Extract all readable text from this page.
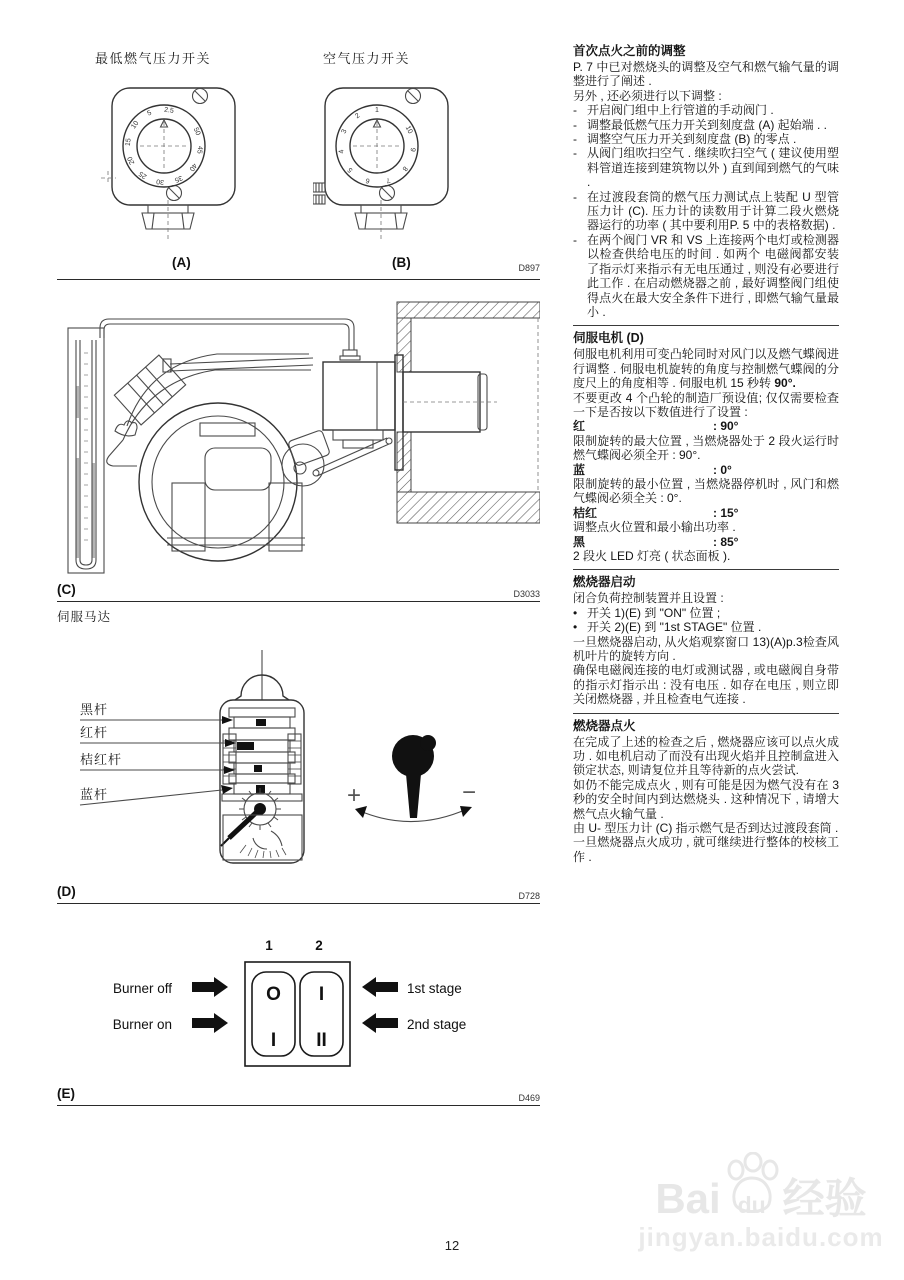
最低燃气压力开关	空气压力开关
2.5
5
10
15
20
25
30 35
40
45
50
1
2
3
4
5
6 7
8
9
10
(A)	(B)	D897
(C)	D3033
伺服马达
黑杆
红杆
桔红杆
蓝杆	+	−
(D)	D728
1	2
O
I
I
II
Burner off
Burner on
1st stage
2nd stage
(E)	D469
首次点火之前的调整

P. 7 中已对燃烧头的调整及空气和燃气输气量的调整进行了阐述 .

另外 , 还必须进行以下调整 :

- 开启阀门组中上行管道的手动阀门 .
- 调整最低燃气压力开关到刻度盘 (A) 起始端 . .
- 调整空气压力开关到刻度盘 (B) 的零点 .
- 从阀门组吹扫空气 . 继续吹扫空气 ( 建议使用塑料管道连接到建筑物以外 ) 直到闻到燃气的气味 .
- 在过渡段套筒的燃气压力测试点上装配 U 型管压力计 (C). 压力计的读数用于计算二段火燃烧器运行的功率 ( 其中要利用P. 5 中的表格数据) .
- 在两个阀门 VR 和 VS 上连接两个电灯或检测器以检查供给电压的时间 . 如两个 电磁阀都安装了指示灯来指示有无电压通过 , 则没有必要进行此工作 . 在启动燃烧器之前 , 最好调整阀门组使得点火在最大安全条件下进行 , 即燃气输气量最小 .
伺服电机 (D)

伺服电机利用可变凸轮同时对风门以及燃气蝶阀进行调整 . 伺服电机旋转的角度与控制燃气蝶阀的分度尺上的角度相等 . 伺服电机 15 秒转 90°.

不要更改 4 个凸轮的制造厂预设值; 仅仅需要检查一下是否按以下数值进行了设置 :

红	: 90°

限制旋转的最大位置 , 当燃烧器处于 2 段火运行时燃气蝶阀必须全开 : 90°.

蓝	: 0°

限制旋转的最小位置 , 当燃烧器停机时 , 风门和燃气蝶阀必须全关 : 0°.

桔红	: 15°

调整点火位置和最小输出功率 .

黑	: 85°

2 段火 LED 灯亮 ( 状态面板 ).

燃烧器启动

闭合负荷控制装置并且设置 :

• 开关 1)(E) 到 "ON" 位置 ;
• 开关 2)(E) 到 "1st STAGE" 位置 .

一旦燃烧器启动, 从火焰观察窗口 13)(A)p.3检查风机叶片的旋转方向 .

确保电磁阀连接的电灯或测试器 , 或电磁阀自身带的指示灯指示出 : 没有电压 . 如存在电压 , 则立即关闭燃烧器 , 并且检查电气连接 .

燃烧器点火

在完成了上述的检查之后 , 燃烧器应该可以点火成功 . 如电机启动了而没有出现火焰并且控制盒进入锁定状态, 则请复位并且等待新的点火尝试.

如仍不能完成点火 , 则有可能是因为燃气没有在 3 秒的安全时间内到达燃烧头 . 这种情况下 , 请增大燃气点火输气量 .

由 U- 型压力计 (C) 指示燃气是否到达过渡段套筒 .

一旦燃烧器点火成功 , 就可继续进行整体的校核工作 .

Bai du 经验
jingyan.baidu.com
12
